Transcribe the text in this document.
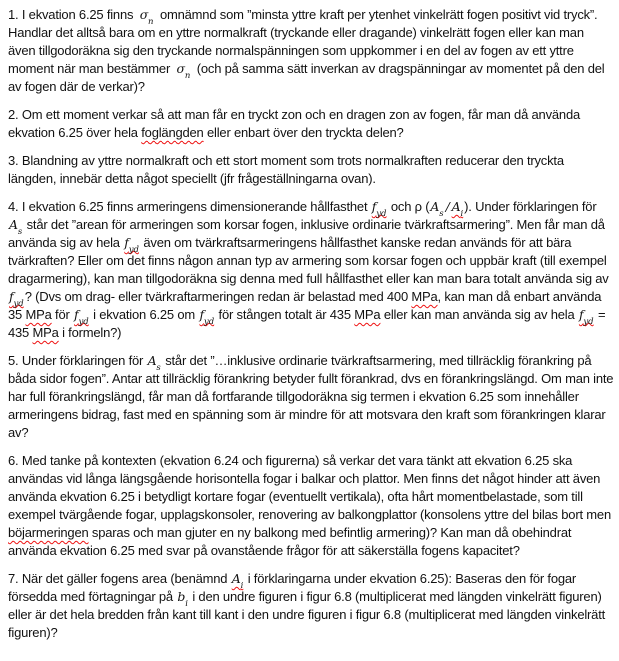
1. I ekvation 6.25 finns $\sigma_n$ omnämnd som ”minsta yttre kraft per ytenhet vinkelrätt fogen positivt vid tryck”. Handlar det alltså bara om en yttre normalkraft (tryckande eller dragande) vinkelrätt fogen eller kan man även tillgodoräkna sig den tryckande normalspänningen som uppkommer i en del av fogen av ett yttre moment när man bestämmer $\sigma_n$ (och på samma sätt inverkan av dragspänningar av momentet på den del av fogen där de verkar)?

2. Om ett moment verkar så att man får en tryckt zon och en dragen zon av fogen, får man då använda ekvation 6.25 över hela foglängden eller enbart över den tryckta delen?

3. Blandning av yttre normalkraft och ett stort moment som trots normalkraften reducerar den tryckta längden, innebär detta något speciellt (jfr frågeställningarna ovan).

4. I ekvation 6.25 finns armeringens dimensionerande hållfasthet $f_{yd}$ och ρ $(A_s / A_i)$. Under förklaringen för $A_s$ står det ”arean för armeringen som korsar fogen, inklusive ordinarie tvärkraftsarmering”. Men får man då använda sig av hela $f_{yd}$ även om tvärkraftsarmeringens hållfasthet kanske redan används för att bära tvärkraften? Eller om det finns någon annan typ av armering som korsar fogen och uppbär kraft (till exempel dragarmering), kan man tillgodoräkna sig denna med full hållfasthet eller kan man bara totalt använda sig av $f_{yd}$? (Dvs om drag- eller tvärkraftarmeringen redan är belastad med 400 MPa, kan man då enbart använda 35 MPa för $f_{yd}$ i ekvation 6.25 om $f_{yd}$ för stången totalt är 435 MPa eller kan man använda sig av hela $f_{yd} = 435$ MPa i formeln?)

5. Under förklaringen för $A_s$ står det ”…inklusive ordinarie tvärkraftsarmering, med tillräcklig förankring på båda sidor fogen”. Antar att tillräcklig förankring betyder fullt förankrad, dvs en förankringslängd. Om man inte har full förankringslängd, får man då fortfarande tillgodoräkna sig termen i ekvation 6.25 som innehåller armeringens bidrag, fast med en spänning som är mindre för att motsvara den kraft som förankringen klarar av?

6. Med tanke på kontexten (ekvation 6.24 och figurerna) så verkar det vara tänkt att ekvation 6.25 ska användas vid långa längsgående horisontella fogar i balkar och plattor. Men finns det något hinder att även använda ekvation 6.25 i betydligt kortare fogar (eventuellt vertikala), ofta hårt momentbelastade, som till exempel tvärgående fogar, upplagskonsoler, renovering av balkongplattor (konsolens yttre del bilas bort men böjarmeringen sparas och man gjuter en ny balkong med befintlig armering)? Kan man då obehindrat använda ekvation 6.25 med svar på ovanstående frågor för att säkerställa fogens kapacitet?

7. När det gäller fogens area (benämnd $A_i$ i förklaringarna under ekvation 6.25): Baseras den för fogar försedda med förtagningar på $b_i$ i den undre figuren i figur 6.8 (multiplicerat med längden vinkelrätt figuren) eller är det hela bredden från kant till kant i den undre figuren i figur 6.8 (multiplicerat med längden vinkelrätt figuren)?
